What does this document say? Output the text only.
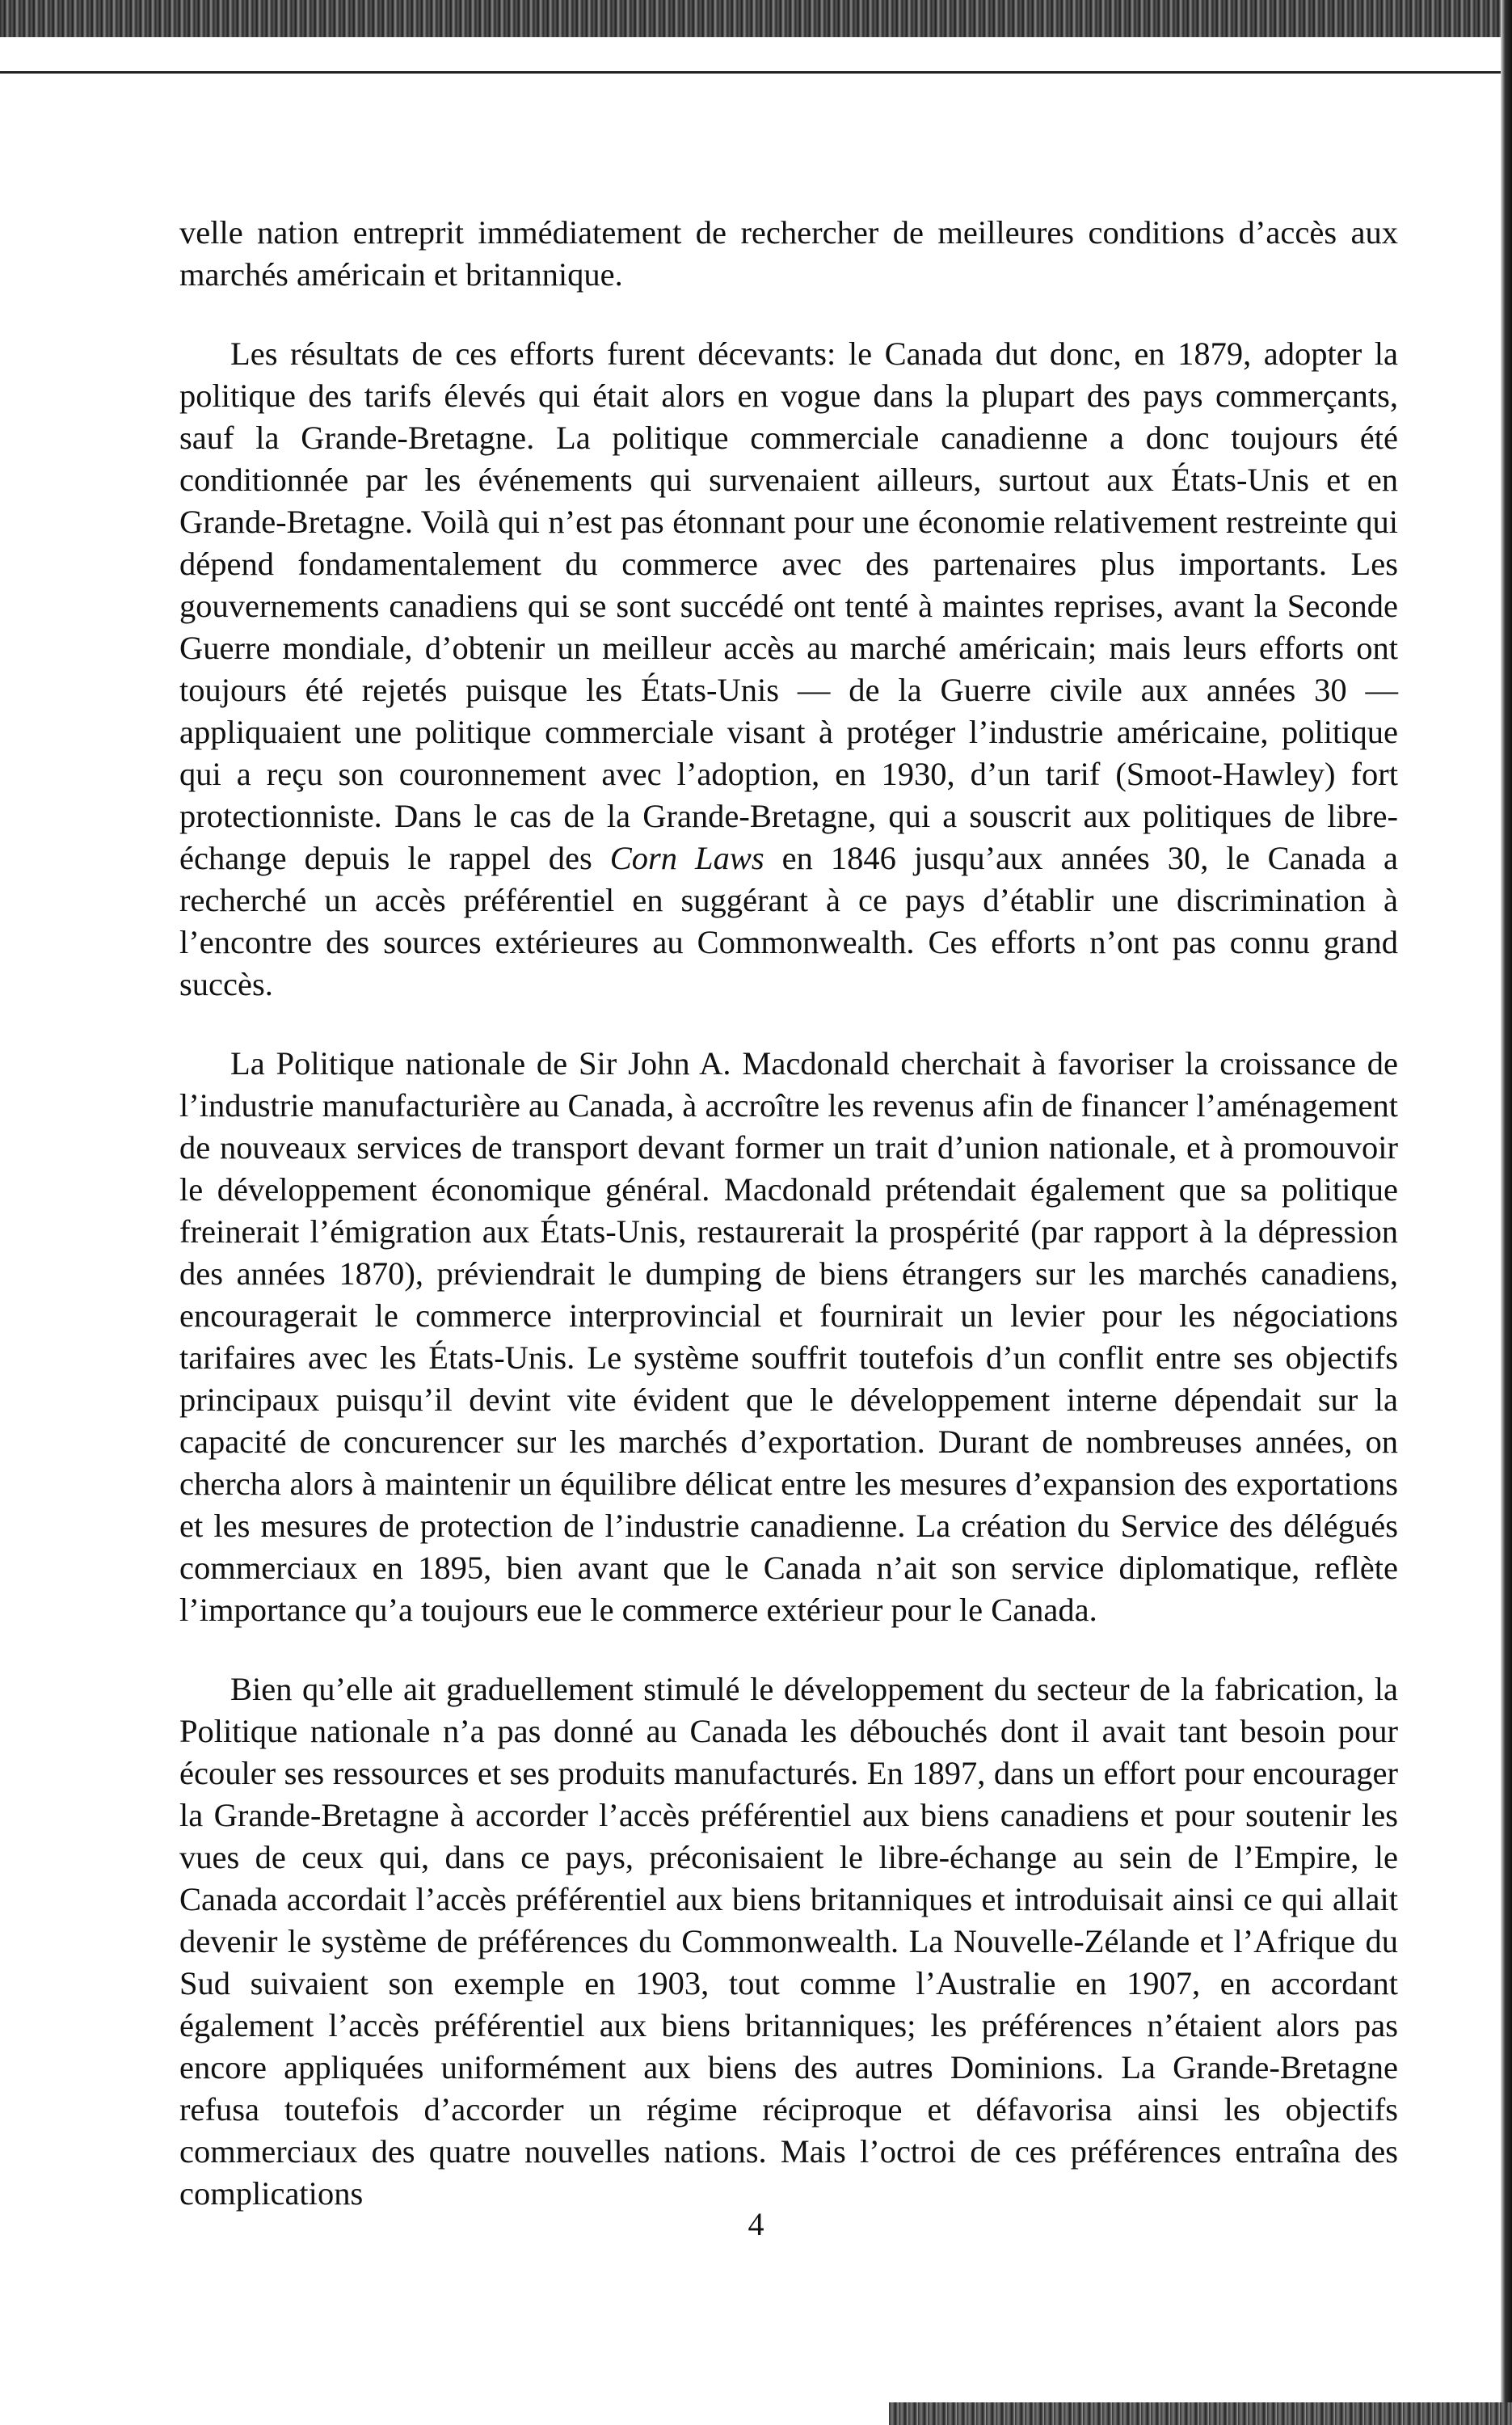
velle nation entreprit immédiatement de rechercher de meilleures conditions d’accès aux marchés américain et britannique.

Les résultats de ces efforts furent décevants: le Canada dut donc, en 1879, adopter la politique des tarifs élevés qui était alors en vogue dans la plupart des pays commerçants, sauf la Grande-Bretagne. La politique commerciale canadienne a donc toujours été conditionnée par les événements qui survenaient ailleurs, surtout aux États-Unis et en Grande-Bretagne. Voilà qui n’est pas étonnant pour une économie relativement restreinte qui dépend fondamentalement du commerce avec des partenaires plus importants. Les gouvernements canadiens qui se sont succédé ont tenté à maintes reprises, avant la Seconde Guerre mondiale, d’obtenir un meilleur accès au marché américain; mais leurs efforts ont toujours été rejetés puisque les États-Unis — de la Guerre civile aux années 30 — appliquaient une politique commerciale visant à protéger l’industrie américaine, politique qui a reçu son couronnement avec l’adoption, en 1930, d’un tarif (Smoot-Hawley) fort protectionniste. Dans le cas de la Grande-Bretagne, qui a souscrit aux politiques de libre-échange depuis le rappel des Corn Laws en 1846 jusqu’aux années 30, le Canada a recherché un accès préférentiel en suggérant à ce pays d’établir une discrimination à l’encontre des sources extérieures au Commonwealth. Ces efforts n’ont pas connu grand succès.

La Politique nationale de Sir John A. Macdonald cherchait à favoriser la croissance de l’industrie manufacturière au Canada, à accroître les revenus afin de financer l’aménagement de nouveaux services de transport devant former un trait d’union nationale, et à promouvoir le développement économique général. Macdonald prétendait également que sa politique freinerait l’émigration aux États-Unis, restaurerait la prospérité (par rapport à la dépression des années 1870), préviendrait le dumping de biens étrangers sur les marchés canadiens, encouragerait le commerce interprovincial et fournirait un levier pour les négociations tarifaires avec les États-Unis. Le système souffrit toutefois d’un conflit entre ses objectifs principaux puisqu’il devint vite évident que le développement interne dépendait sur la capacité de concurencer sur les marchés d’exportation. Durant de nombreuses années, on chercha alors à maintenir un équilibre délicat entre les mesures d’expansion des exportations et les mesures de protection de l’industrie canadienne. La création du Service des délégués commerciaux en 1895, bien avant que le Canada n’ait son service diplomatique, reflète l’importance qu’a toujours eue le commerce extérieur pour le Canada.

Bien qu’elle ait graduellement stimulé le développement du secteur de la fabrication, la Politique nationale n’a pas donné au Canada les débouchés dont il avait tant besoin pour écouler ses ressources et ses produits manufacturés. En 1897, dans un effort pour encourager la Grande-Bretagne à accorder l’accès préférentiel aux biens canadiens et pour soutenir les vues de ceux qui, dans ce pays, préconisaient le libre-échange au sein de l’Empire, le Canada accordait l’accès préférentiel aux biens britanniques et introduisait ainsi ce qui allait devenir le système de préférences du Commonwealth. La Nouvelle-Zélande et l’Afrique du Sud suivaient son exemple en 1903, tout comme l’Australie en 1907, en accordant également l’accès préférentiel aux biens britanniques; les préférences n’étaient alors pas encore appliquées uniformément aux biens des autres Dominions. La Grande-Bretagne refusa toutefois d’accorder un régime réciproque et défavorisa ainsi les objectifs commerciaux des quatre nouvelles nations. Mais l’octroi de ces préférences entraîna des complications

4
